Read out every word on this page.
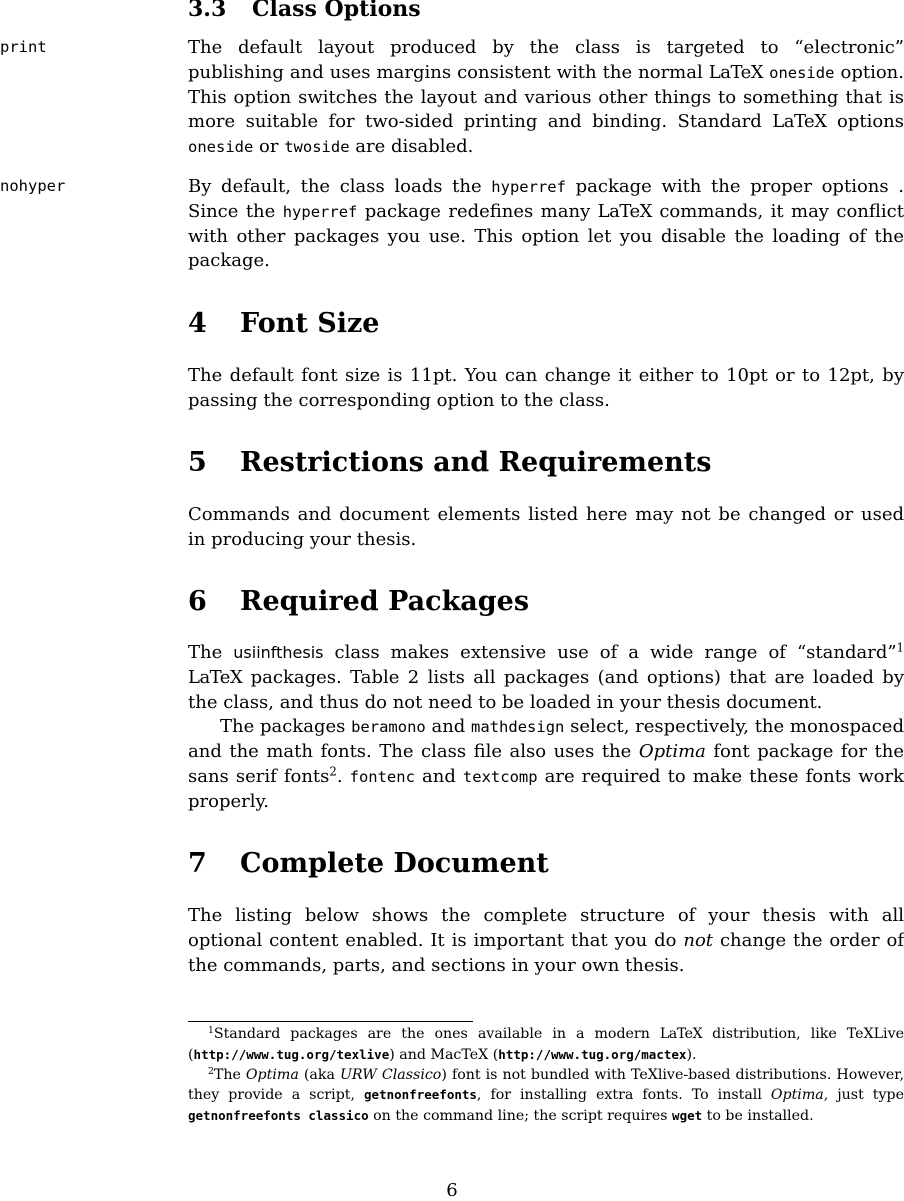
3.3 Class Options
print	The default layout produced by the class is targeted to “electronic” publishing and uses margins consistent with the normal LaTeX oneside option. This option switches the layout and various other things to something that is more suitable for two-sided printing and binding. Standard LaTeX options oneside or twoside are disabled.
nohyper	By default, the class loads the hyperref package with the proper options . Since the hyperref package redefines many LaTeX commands, it may conflict with other packages you use. This option let you disable the loading of the package.
4 Font Size
The default font size is 11pt. You can change it either to 10pt or to 12pt, by passing the corresponding option to the class.
5 Restrictions and Requirements
Commands and document elements listed here may not be changed or used in producing your thesis.
6 Required Packages

The usiinfthesis class makes extensive use of a wide range of “standard”$^1$ LaTeX packages. Table 2 lists all packages (and options) that are loaded by the class, and thus do not need to be loaded in your thesis document.

The packages beramono and mathdesign select, respectively, the monospaced and the math fonts. The class file also uses the Optima font package for the sans serif fonts$^2$. fontenc and textcomp are required to make these fonts work properly.

7 Complete Document
The listing below shows the complete structure of your thesis with all optional content enabled. It is important that you do not change the order of the commands, parts, and sections in your own thesis.

$^1$Standard packages are the ones available in a modern LaTeX distribution, like TeXLive (http://www.tug.org/texlive) and MacTeX (http://www.tug.org/mactex).

$^2$The Optima (aka URW Classico) font is not bundled with TeXlive-based distributions. However, they provide a script, getnonfreefonts, for installing extra fonts. To install Optima, just type getnonfreefonts classico on the command line; the script requires wget to be installed.

6
